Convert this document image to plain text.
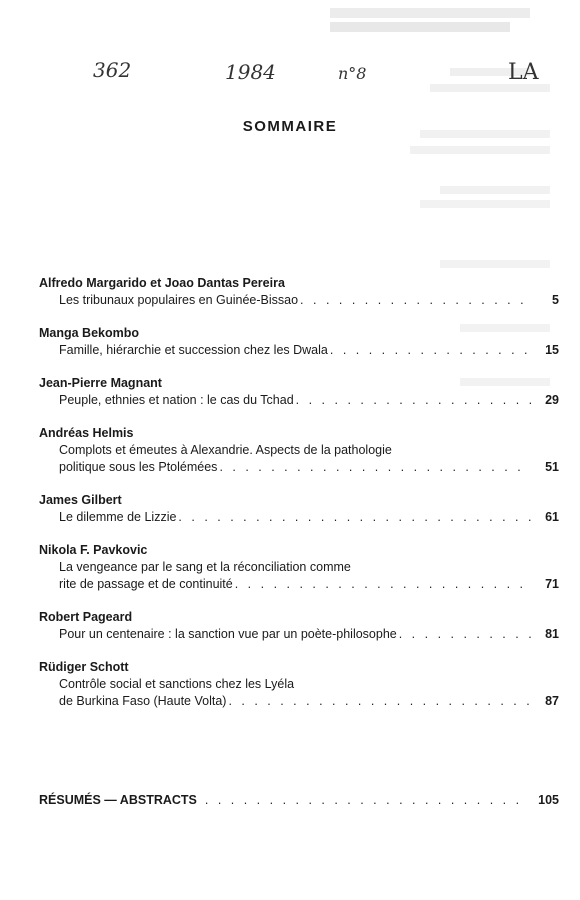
362	1984	n°8	LA
SOMMAIRE
Alfredo Margarido et Joao Dantas Pereira
Les tribunaux populaires en Guinée-Bissao . . .	5
Manga Bekombo
Famille, hiérarchie et succession chez les Dwala . . .	15
Jean-Pierre Magnant
Peuple, ethnies et nation : le cas du Tchad . . .	29
Andréas Helmis
Complots et émeutes à Alexandrie. Aspects de la pathologie
politique sous les Ptolémées . . .	51
James Gilbert
Le dilemme de Lizzie . . .	61
Nikola F. Pavkovic
La vengeance par le sang et la réconciliation comme
rite de passage et de continuité . . .	71
Robert Pageard
Pour un centenaire : la sanction vue par un poète-philosophe . . .	81
Rüdiger Schott
Contrôle social et sanctions chez les Lyéla
de Burkina Faso (Haute Volta) . . .	87
RÉSUMÉS — ABSTRACTS . . .	105
